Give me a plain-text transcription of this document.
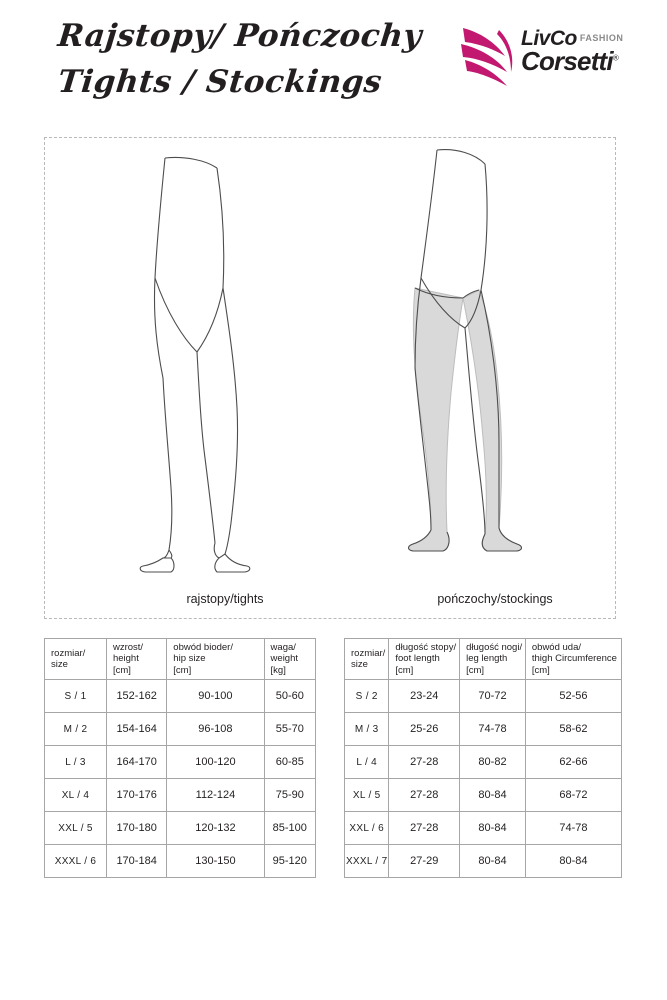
Rajstopy/ Pończochy
Tights / Stockings
LivCo FASHION
Corsetti®
rajstopy/tights	pończochy/stockings
rozmiar/
size	wzrost/
height
[cm]	obwód bioder/
hip size
[cm]	waga/
weight
[kg]

S / 1	152-162	90-100	50-60
M / 2	154-164	96-108	55-70
L / 3	164-170	100-120	60-85
XL / 4	170-176	112-124	75-90
XXL / 5	170-180	120-132	85-100
XXXL / 6	170-184	130-150	95-120
rozmiar/
size	długość stopy/
foot length
[cm]	długość nogi/
leg length
[cm]	obwód uda/
thigh Circumference
[cm]

S / 2	23-24	70-72	52-56
M / 3	25-26	74-78	58-62
L / 4	27-28	80-82	62-66
XL / 5	27-28	80-84	68-72
XXL / 6	27-28	80-84	74-78
XXXL / 7	27-29	80-84	80-84
